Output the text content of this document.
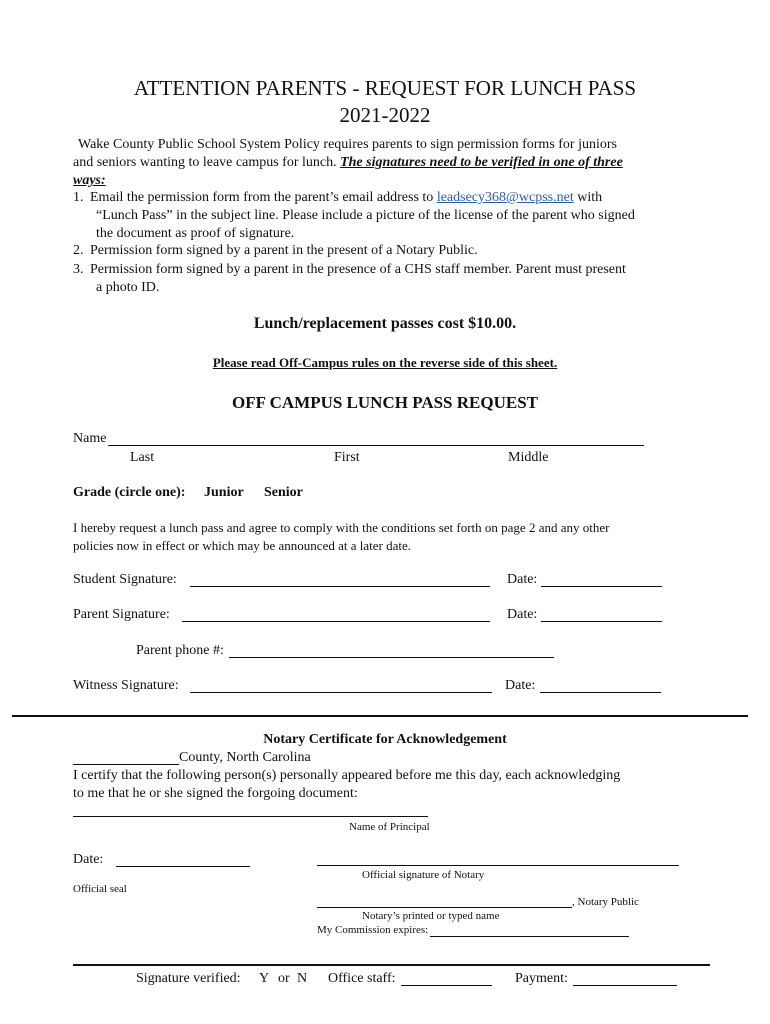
ATTENTION PARENTS - REQUEST FOR LUNCH PASS
2021-2022
Wake County Public School System Policy requires parents to sign permission forms for juniors
and seniors wanting to leave campus for lunch. The signatures need to be verified in one of three
ways:
1. Email the permission form from the parent’s email address to leadsecy368@wcpss.net with
“Lunch Pass” in the subject line. Please include a picture of the license of the parent who signed
the document as proof of signature.
2. Permission form signed by a parent in the present of a Notary Public.
3. Permission form signed by a parent in the presence of a CHS staff member. Parent must present
a photo ID.
Lunch/replacement passes cost $10.00.
Please read Off-Campus rules on the reverse side of this sheet.
OFF CAMPUS LUNCH PASS REQUEST
Name
Last	First	Middle
Grade (circle one): Junior Senior
I hereby request a lunch pass and agree to comply with the conditions set forth on page 2 and any other
policies now in effect or which may be announced at a later date.
Student Signature:	Date:
Parent Signature:	Date:
Parent phone #:
Witness Signature:	Date:
Notary Certificate for Acknowledgement
County, North Carolina
I certify that the following person(s) personally appeared before me this day, each acknowledging
to me that he or she signed the forgoing document:
Name of Principal
Date:
Official signature of Notary
Official seal
, Notary Public
Notary’s printed or typed name
My Commission expires:
Signature verified: Y or N Office staff:	Payment:
